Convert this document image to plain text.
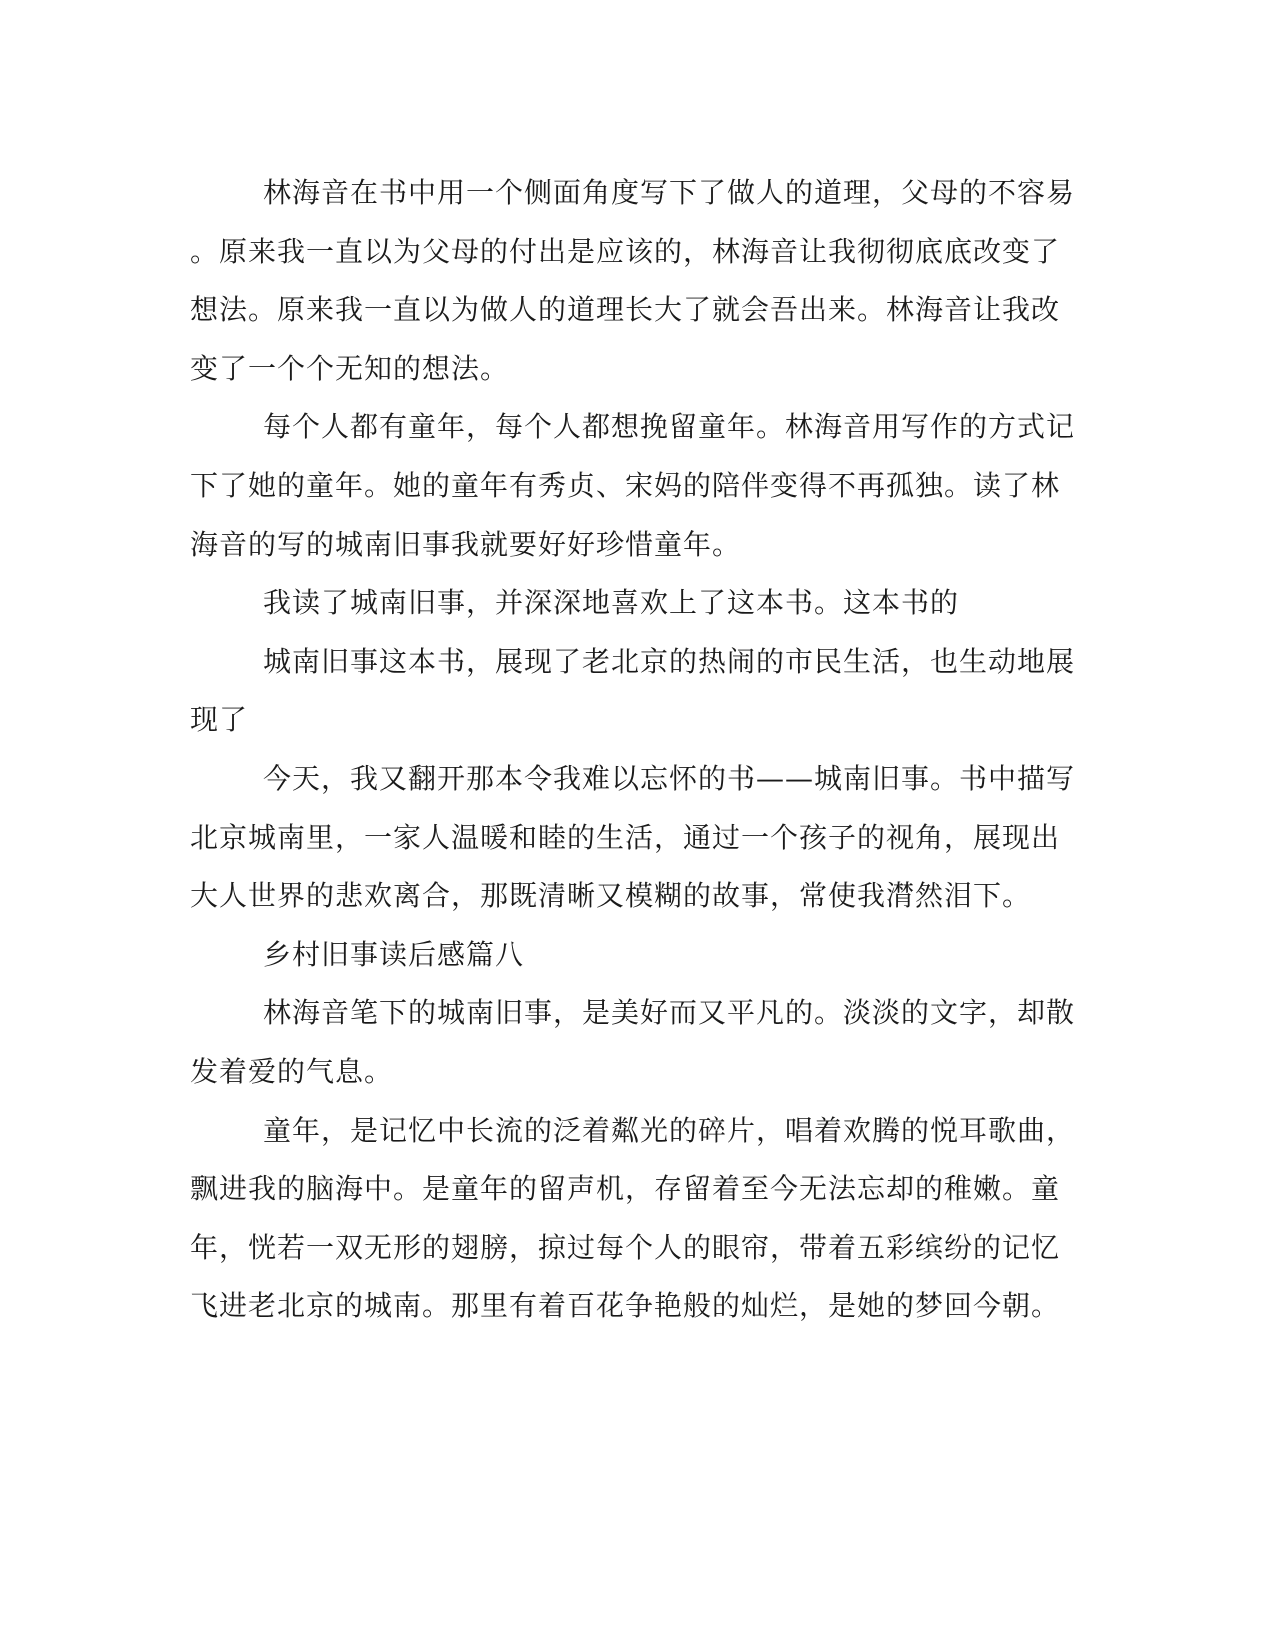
林海音在书中用一个侧面角度写下了做人的道理，父母的不容易
。原来我一直以为父母的付出是应该的，林海音让我彻彻底底改变了
想法。原来我一直以为做人的道理长大了就会吾出来。林海音让我改
变了一个个无知的想法。
每个人都有童年，每个人都想挽留童年。林海音用写作的方式记
下了她的童年。她的童年有秀贞、宋妈的陪伴变得不再孤独。读了林
海音的写的城南旧事我就要好好珍惜童年。
我读了城南旧事，并深深地喜欢上了这本书。这本书的
城南旧事这本书，展现了老北京的热闹的市民生活，也生动地展
现了
今天，我又翻开那本令我难以忘怀的书——城南旧事。书中描写
北京城南里，一家人温暖和睦的生活，通过一个孩子的视角，展现出
大人世界的悲欢离合，那既清晰又模糊的故事，常使我潸然泪下。
乡村旧事读后感篇八
林海音笔下的城南旧事，是美好而又平凡的。淡淡的文字，却散
发着爱的气息。
童年，是记忆中长流的泛着粼光的碎片，唱着欢腾的悦耳歌曲，
飘进我的脑海中。是童年的留声机，存留着至今无法忘却的稚嫩。童
年，恍若一双无形的翅膀，掠过每个人的眼帘，带着五彩缤纷的记忆
飞进老北京的城南。那里有着百花争艳般的灿烂，是她的梦回今朝。
